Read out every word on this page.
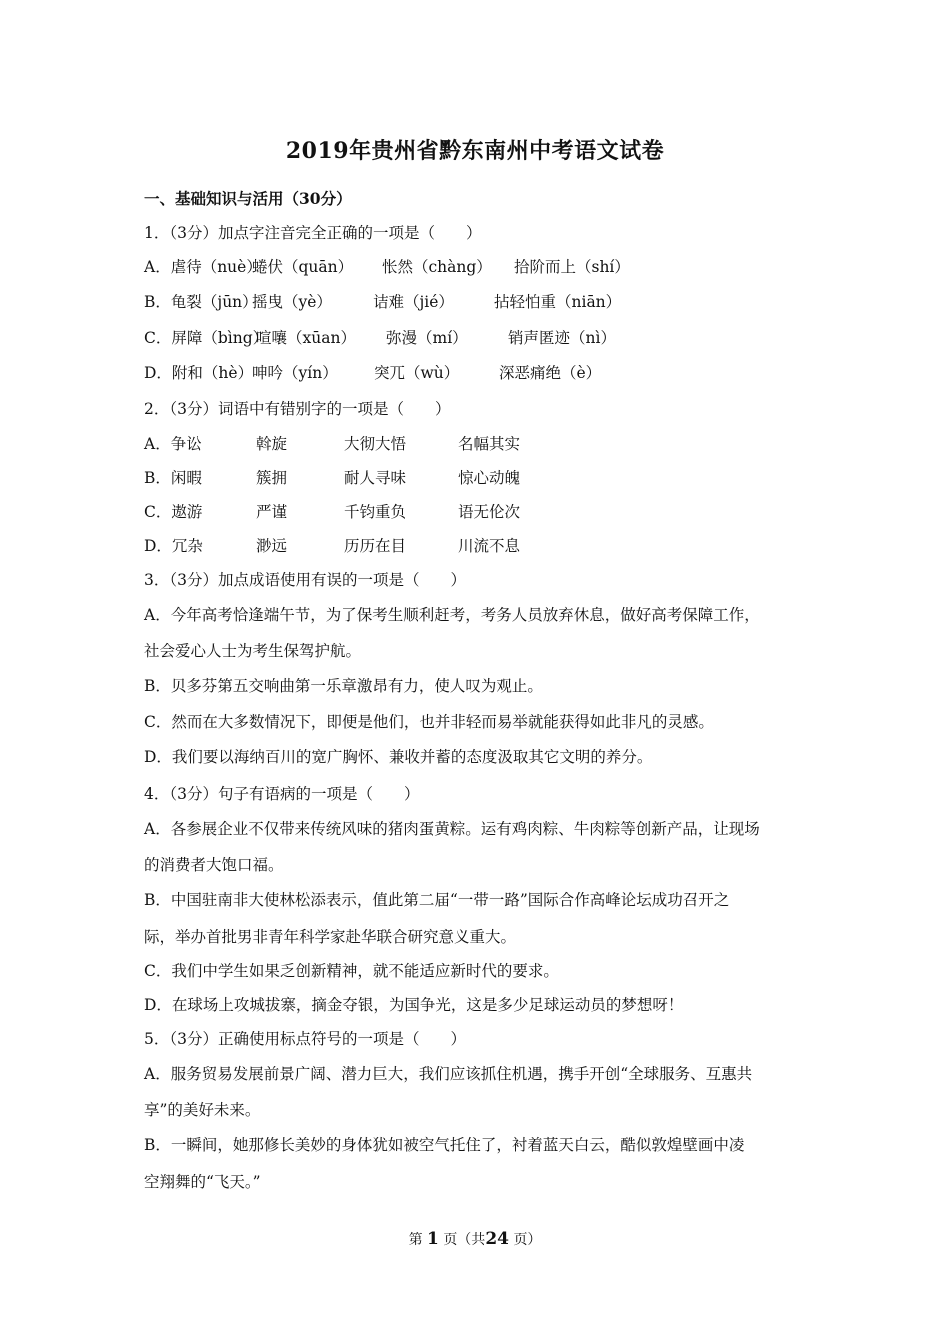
2019年贵州省黔东南州中考语文试卷
一、基础知识与活用（30分）
1．（3分）加点字注音完全正确的一项是（　　）
A．虐待（nuè）蜷伏（quān） 怅然（chàng） 拾阶而上（shí）
B．龟裂（jūn）摇曳（yè）	诘难（jié）	拈轻怕重（niān）
C．屏障（bìng）喧嚷（xūan） 弥漫（mí）	销声匿迹（nì）
D．附和（hè）呻吟（yín） 突兀（wù）	深恶痛绝（è）
2．（3分）词语中有错别字的一项是（　　）
A．争讼	斡旋	大彻大悟	名幅其实
B．闲暇	簇拥	耐人寻味	惊心动魄
C．遨游	严谨	千钧重负	语无伦次
D．冗杂	渺远	历历在目	川流不息
3．（3分）加点成语使用有误的一项是（　　）
A．今年高考恰逢端午节，为了保考生顺利赶考，考务人员放弃休息，做好高考保障工作，
社会爱心人士为考生保驾护航。
B．贝多芬第五交响曲第一乐章激昂有力，使人叹为观止。
C．然而在大多数情况下，即便是他们，也并非轻而易举就能获得如此非凡的灵感。
D．我们要以海纳百川的宽广胸怀、兼收并蓄的态度汲取其它文明的养分。
4．（3分）句子有语病的一项是（　　）
A．各参展企业不仅带来传统风味的猪肉蛋黄粽。运有鸡肉粽、牛肉粽等创新产品，让现场
的消费者大饱口福。
B．中国驻南非大使林松添表示，值此第二届“一带一路”国际合作高峰论坛成功召开之
际，举办首批男非青年科学家赴华联合研究意义重大。
C．我们中学生如果乏创新精神，就不能适应新时代的要求。
D．在球场上攻城拔寨，摘金夺银，为国争光，这是多少足球运动员的梦想呀！
5．（3分）正确使用标点符号的一项是（　　）
A．服务贸易发展前景广阔、潜力巨大，我们应该抓住机遇，携手开创“全球服务、互惠共
享”的美好未来。
B．一瞬间，她那修长美妙的身体犹如被空气托住了，衬着蓝天白云，酷似敦煌壁画中凌
空翔舞的“飞天。”
第 1 页（共24 页）
